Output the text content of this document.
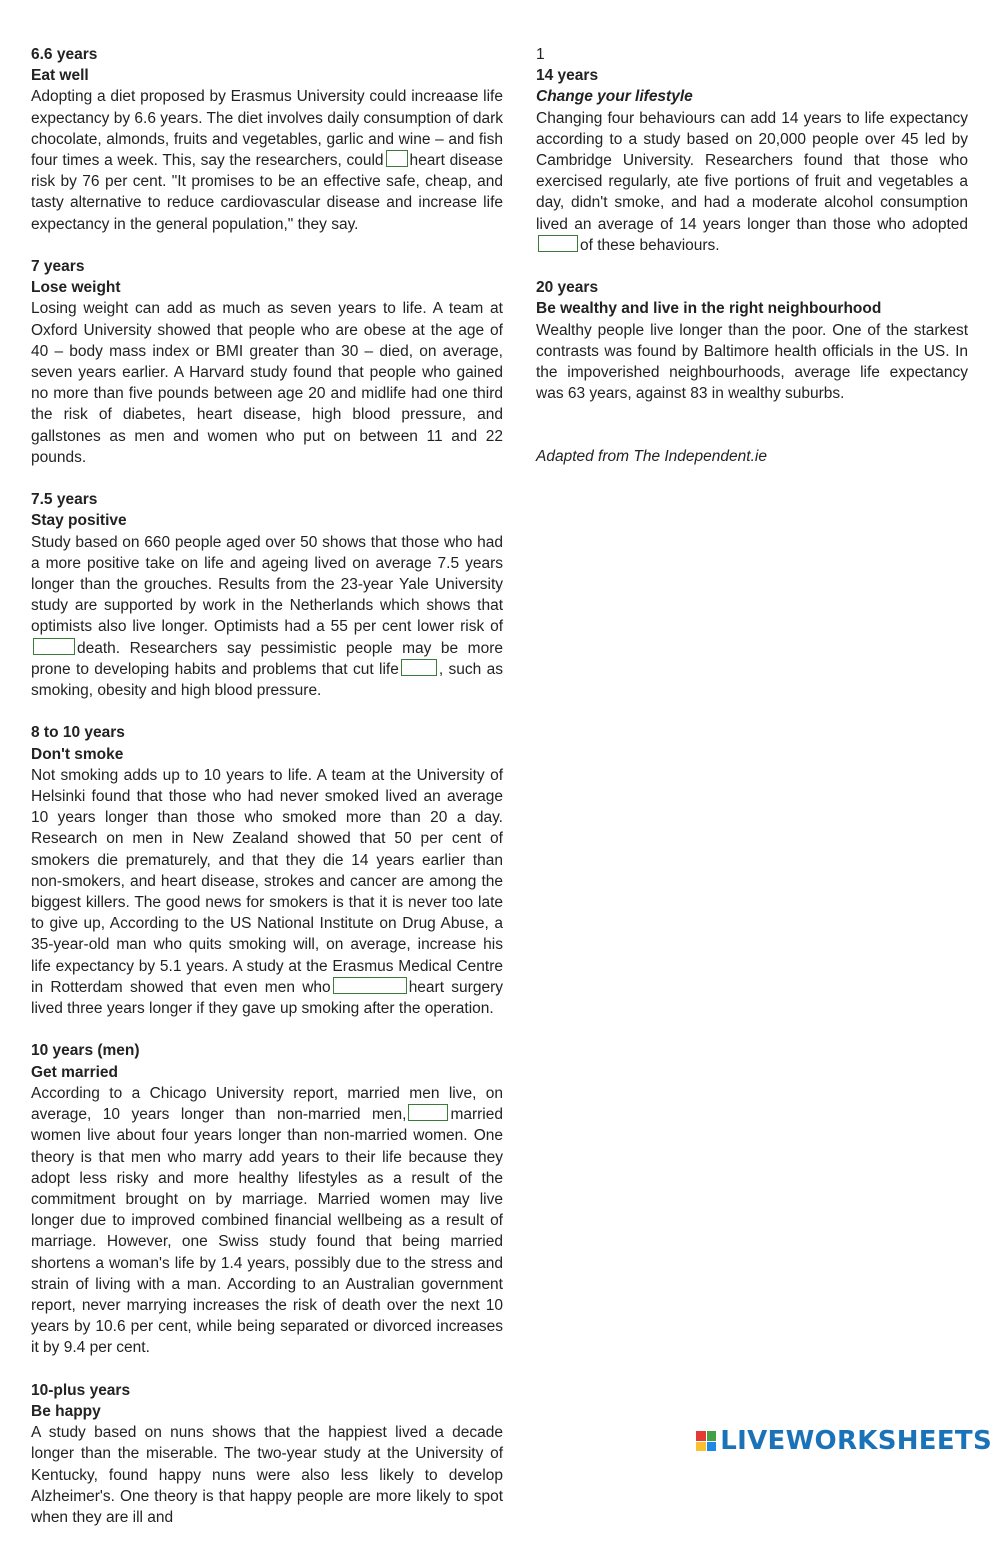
6.6 years
Eat well
Adopting a diet proposed by Erasmus University could increaase life expectancy by 6.6 years. The diet involves daily consumption of dark chocolate, almonds, fruits and vegetables, garlic and wine – and fish four times a week. This, say the researchers, could heart disease risk by 76 per cent. "It promises to be an effective safe, cheap, and tasty alternative to reduce cardiovascular disease and increase life expectancy in the general population," they say.
7 years
Lose weight
Losing weight can add as much as seven years to life. A team at Oxford University showed that people who are obese at the age of 40 – body mass index or BMI greater than 30 – died, on average, seven years earlier. A Harvard study found that people who gained no more than five pounds between age 20 and midlife had one third the risk of diabetes, heart disease, high blood pressure, and gallstones as men and women who put on between 11 and 22 pounds.
7.5 years
Stay positive
Study based on 660 people aged over 50 shows that those who had a more positive take on life and ageing lived on average 7.5 years longer than the grouches. Results from the 23-year Yale University study are supported by work in the Netherlands which shows that optimists also live longer. Optimists had a 55 per cent lower risk ofdeath. Researchers say pessimistic people may be more prone to developing habits and problems that cut life	, such as smoking, obesity and high blood pressure.
8 to 10 years
Don't smoke
Not smoking adds up to 10 years to life. A team at the University of Helsinki found that those who had never smoked lived an average 10 years longer than those who smoked more than 20 a day. Research on men in New Zealand showed that 50 per cent of smokers die prematurely, and that they die 14 years earlier than non-smokers, and heart disease, strokes and cancer are among the biggest killers. The good news for smokers is that it is never too late to give up, According to the US National Institute on Drug Abuse, a 35-year-old man who quits smoking will, on average, increase his life expectancy by 5.1 years. A study at the Erasmus Medical Centre in Rotterdam showed that even men who	heart surgery lived three years longer if they gave up smoking after the operation.
10 years (men)
Get married
According to a Chicago University report, married men live, on average, 10 years longer than non-married men,	married women live about four years longer than non-married women. One theory is that men who marry add years to their life because they adopt less risky and more healthy lifestyles as a result of the commitment brought on by marriage. Married women may live longer due to improved combined financial wellbeing as a result of marriage. However, one Swiss study found that being married shortens a woman's life by 1.4 years, possibly due to the stress and strain of living with a man. According to an Australian government report, never marrying increases the risk of death over the next 10 years by 10.6 per cent, while being separated or divorced increases it by 9.4 per cent.
10-plus years
Be happy
A study based on nuns shows that the happiest lived a decade longer than the miserable. The two-year study at the University of Kentucky, found happy nuns were also less likely to develop Alzheimer's. One theory is that happy people are more likely to spot when they are ill and
1
14 years
Change your lifestyle
Changing four behaviours can add 14 years to life expectancy according to a study based on 20,000 people over 45 led by Cambridge University. Researchers found that those who exercised regularly, ate five portions of fruit and vegetables a day, didn't smoke, and had a moderate alcohol consumption lived an average of 14 years longer than those who adoptedof these behaviours.
20 years
Be wealthy and live in the right neighbourhood
Wealthy people live longer than the poor. One of the starkest contrasts was found by Baltimore health officials in the US. In the impoverished neighbourhoods, average life expectancy was 63 years, against 83 in wealthy suburbs.
Adapted from The Independent.ie
LIVEWORKSHEETS
